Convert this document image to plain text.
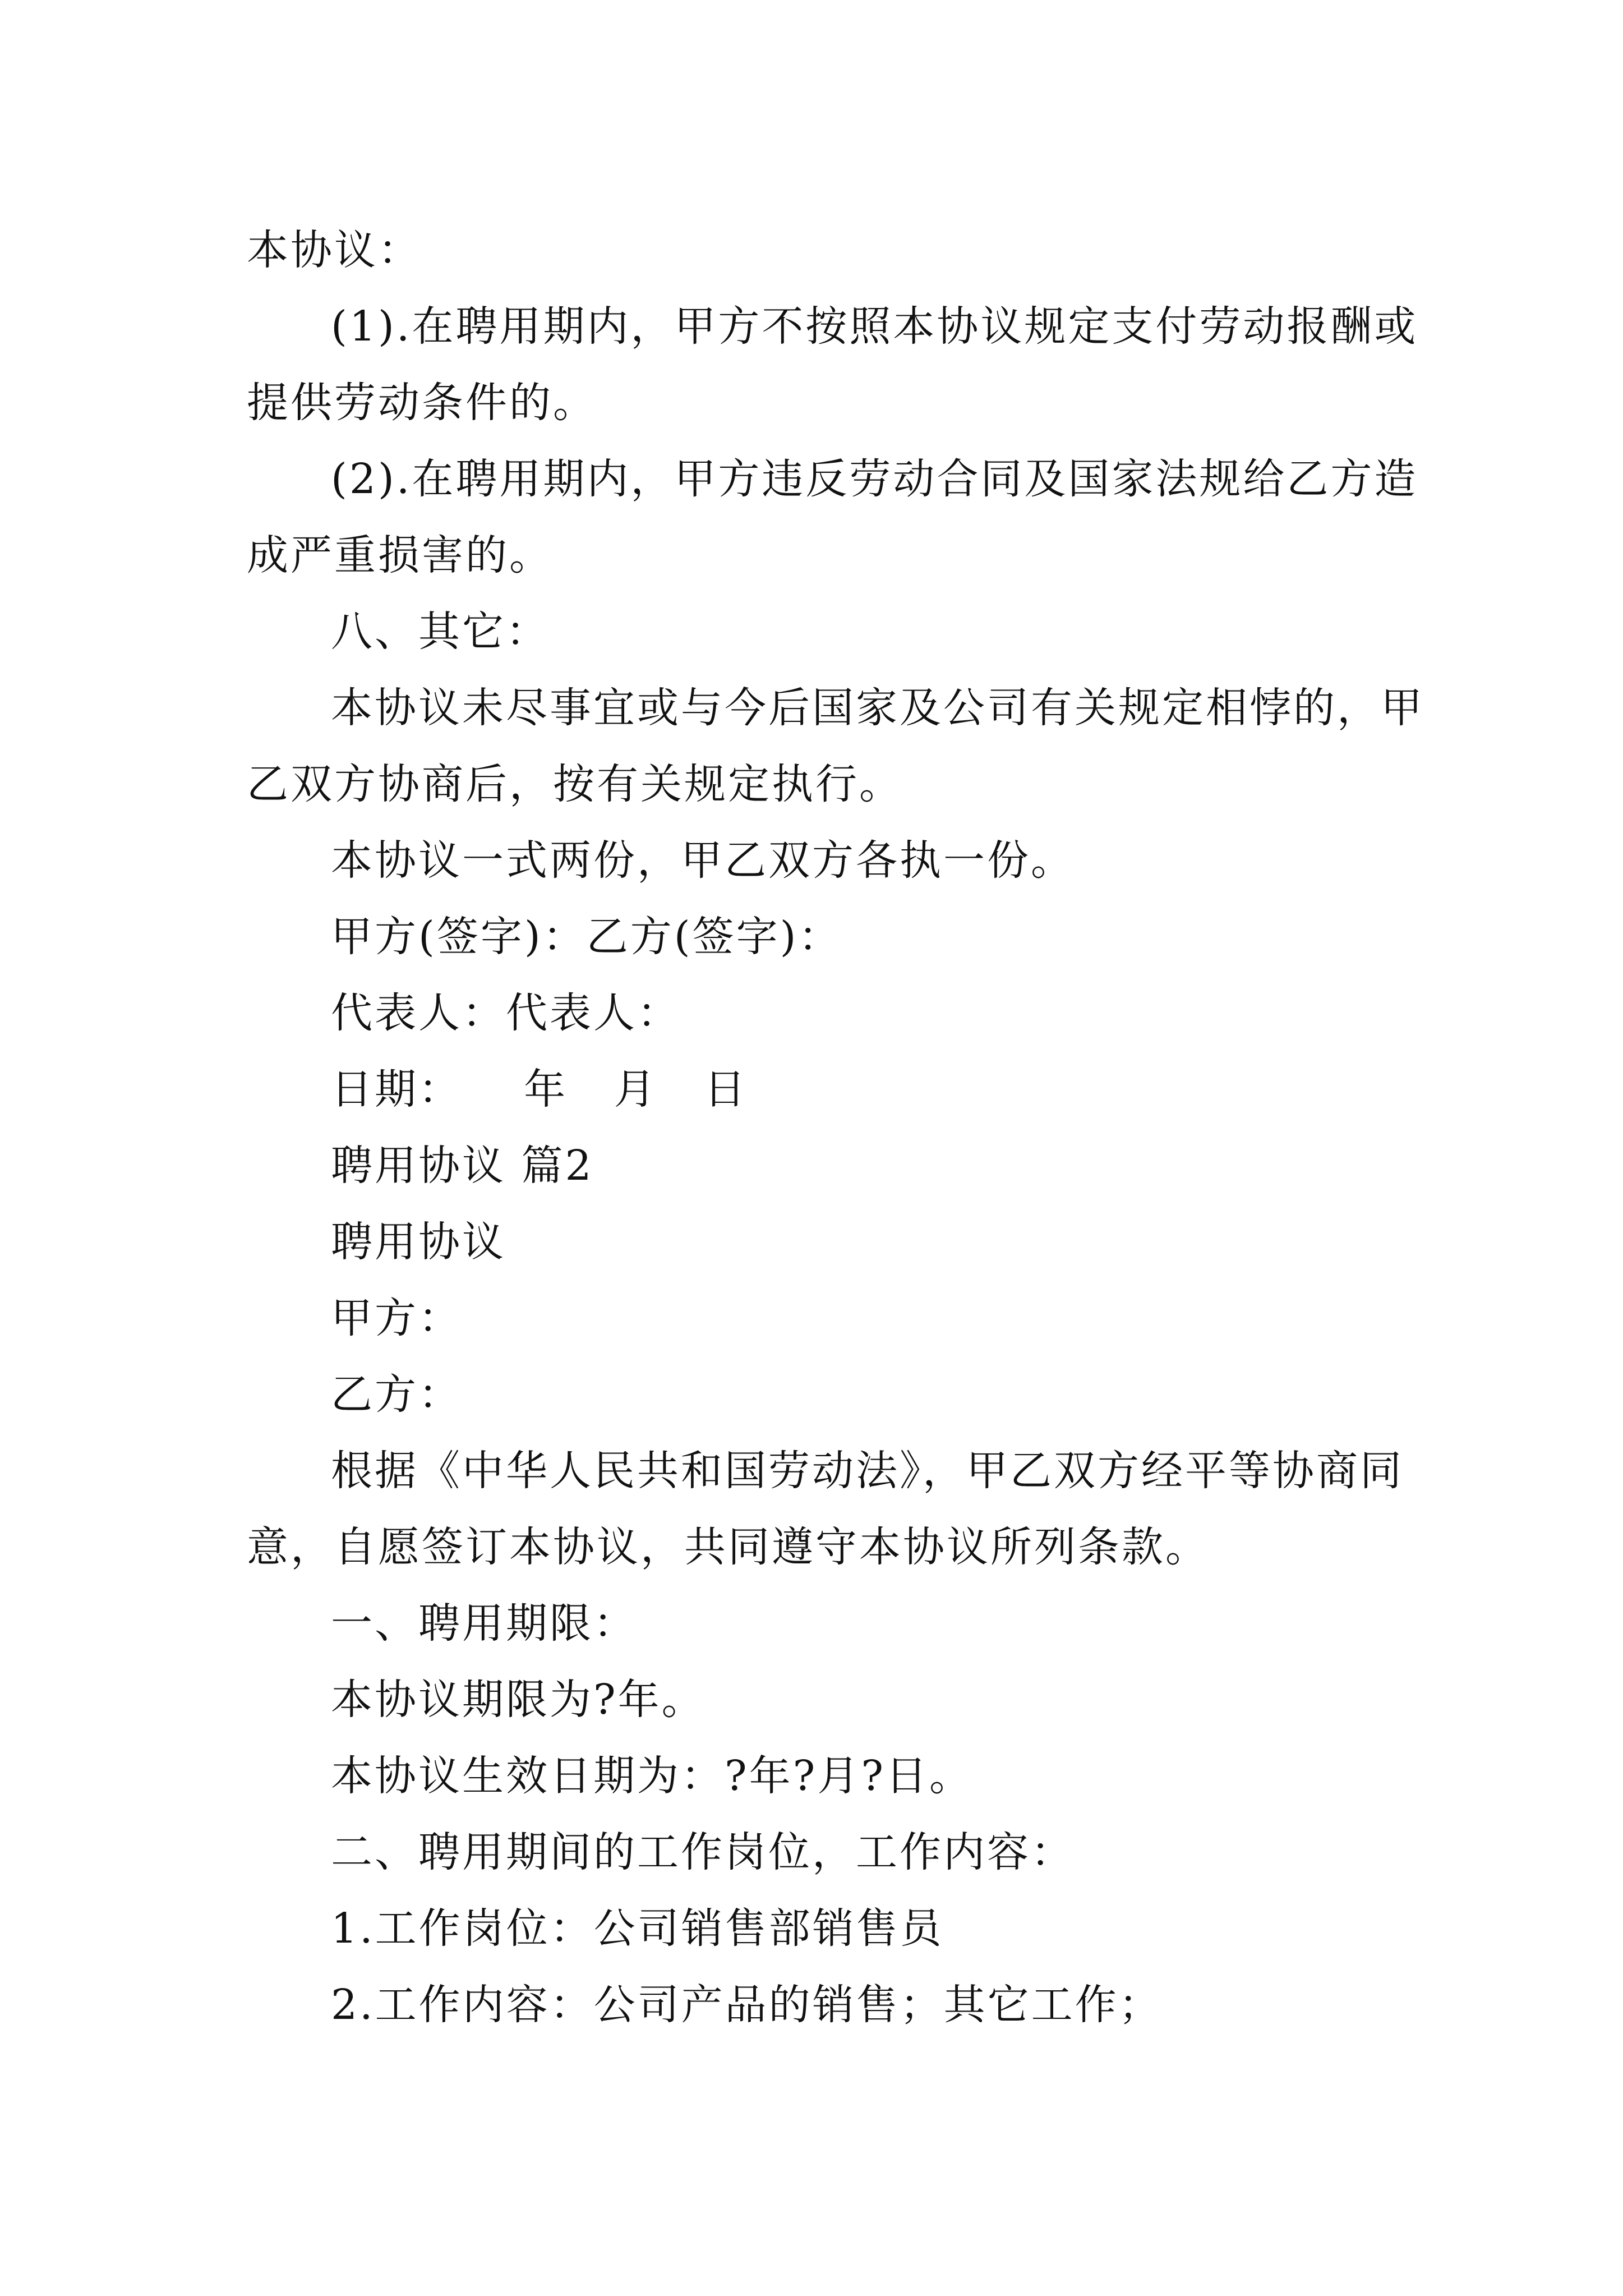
本协议：

(1).在聘用期内，甲方不按照本协议规定支付劳动报酬或提供劳动条件的。

(2).在聘用期内，甲方违反劳动合同及国家法规给乙方造成严重损害的。

八、其它：

本协议未尽事宜或与今后国家及公司有关规定相悖的，甲乙双方协商后，按有关规定执行。

本协议一式两份，甲乙双方各执一份。

甲方(签字)：乙方(签字)：

代表人：代表人：

日期：    年   月   日

聘用协议 篇2

聘用协议

甲方：

乙方：

根据《中华人民共和国劳动法》，甲乙双方经平等协商同意，自愿签订本协议，共同遵守本协议所列条款。

一、聘用期限：

本协议期限为?年。

本协议生效日期为：?年?月?日。

二、聘用期间的工作岗位，工作内容：

1.工作岗位：公司销售部销售员

2.工作内容：公司产品的销售；其它工作；
